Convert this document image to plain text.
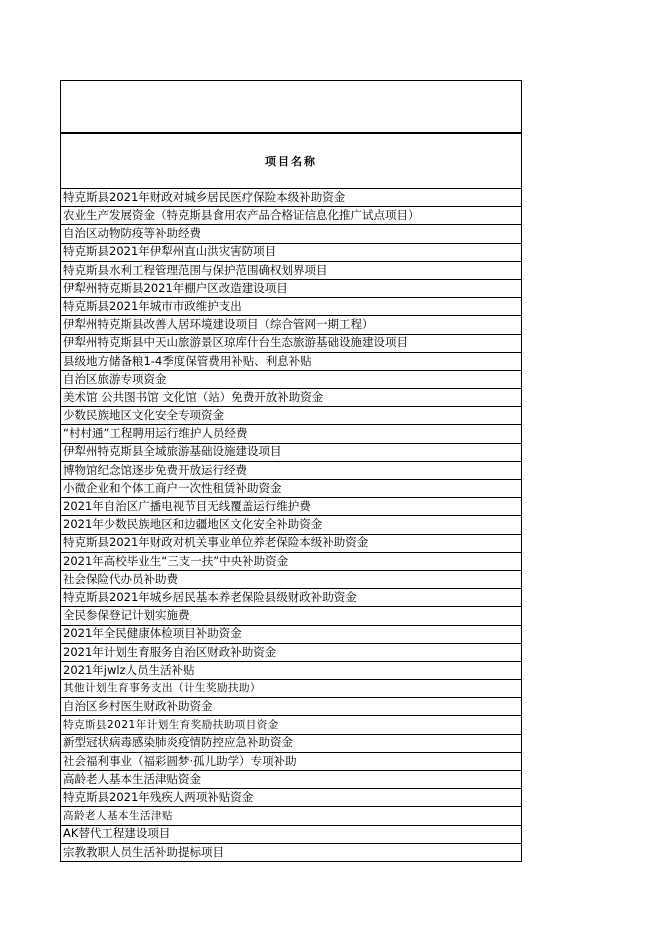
项目名称
特克斯县2021年财政对城乡居民医疗保险本级补助资金
农业生产发展资金（特克斯县食用农产品合格证信息化推广试点项目）
自治区动物防疫等补助经费
特克斯县2021年伊犁州直山洪灾害防项目
特克斯县水利工程管理范围与保护范围确权划界项目
伊犁州特克斯县2021年棚户区改造建设项目
特克斯县2021年城市市政维护支出
伊犁州特克斯县改善人居环境建设项目（综合管网一期工程）
伊犁州特克斯县中天山旅游景区琼库什台生态旅游基础设施建设项目
县级地方储备粮1-4季度保管费用补贴、利息补贴
自治区旅游专项资金
美术馆 公共图书馆 文化馆（站）免费开放补助资金
少数民族地区文化安全专项资金
“村村通”工程聘用运行维护人员经费
伊犁州特克斯县全域旅游基础设施建设项目
博物馆纪念馆逐步免费开放运行经费
小微企业和个体工商户一次性租赁补助资金
2021年自治区广播电视节目无线覆盖运行维护费
2021年少数民族地区和边疆地区文化安全补助资金
特克斯县2021年财政对机关事业单位养老保险本级补助资金
2021年高校毕业生“三支一扶”中央补助资金
社会保险代办员补助费
特克斯县2021年城乡居民基本养老保险县级财政补助资金
全民参保登记计划实施费
2021年全民健康体检项目补助资金
2021年计划生育服务自治区财政补助资金
2021年jwlz人员生活补贴
其他计划生育事务支出（计生奖励扶助）
自治区乡村医生财政补助资金
特克斯县2021年计划生育奖励扶助项目资金
新型冠状病毒感染肺炎疫情防控应急补助资金
社会福利事业（福彩圆梦·孤儿助学）专项补助
高龄老人基本生活津贴资金
特克斯县2021年残疾人两项补贴资金
高龄老人基本生活津贴
AK替代工程建设项目
宗教教职人员生活补助提标项目
